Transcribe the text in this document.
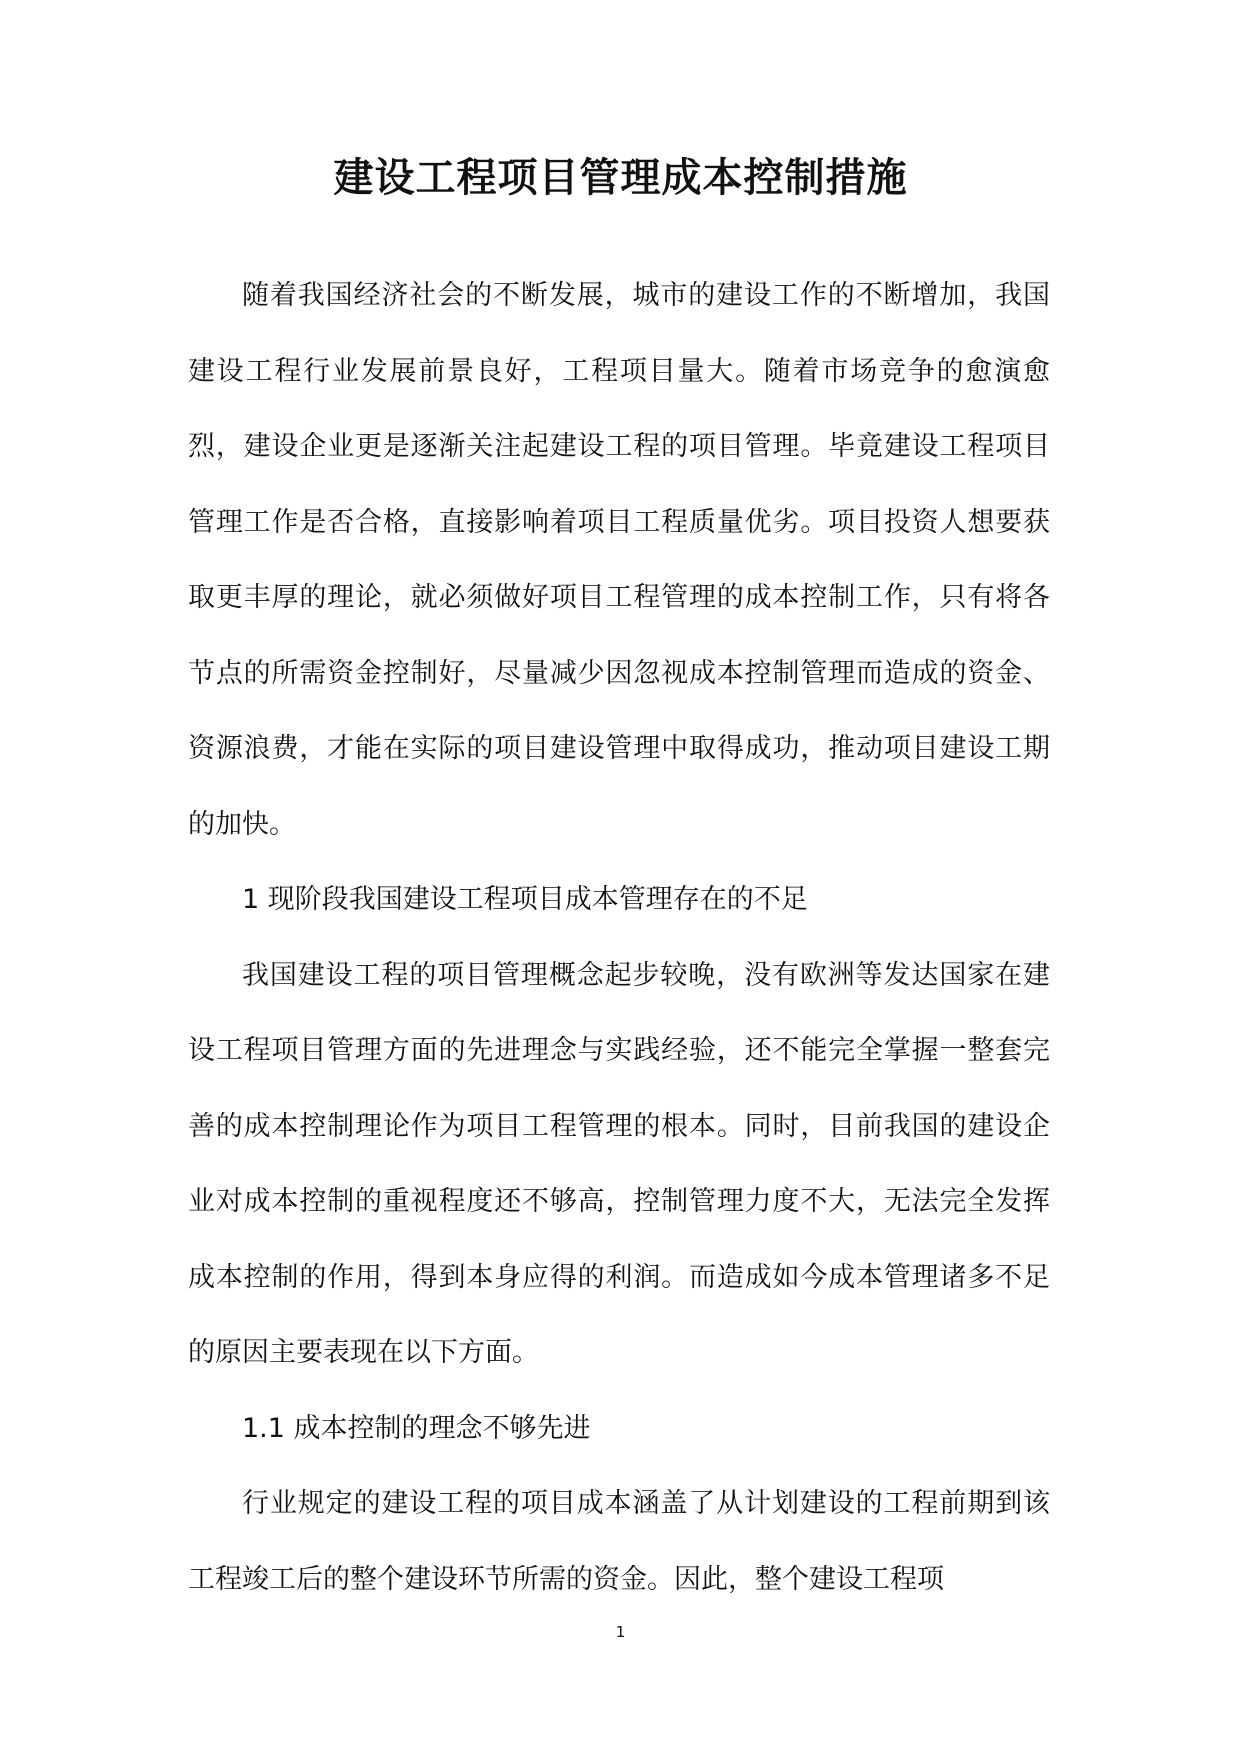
建设工程项目管理成本控制措施

随着我国经济社会的不断发展，城市的建设工作的不断增加，我国建设工程行业发展前景良好，工程项目量大。随着市场竞争的愈演愈烈，建设企业更是逐渐关注起建设工程的项目管理。毕竟建设工程项目管理工作是否合格，直接影响着项目工程质量优劣。项目投资人想要获取更丰厚的理论，就必须做好项目工程管理的成本控制工作，只有将各节点的所需资金控制好，尽量减少因忽视成本控制管理而造成的资金、资源浪费，才能在实际的项目建设管理中取得成功，推动项目建设工期的加快。

1 现阶段我国建设工程项目成本管理存在的不足

我国建设工程的项目管理概念起步较晚，没有欧洲等发达国家在建设工程项目管理方面的先进理念与实践经验，还不能完全掌握一整套完善的成本控制理论作为项目工程管理的根本。同时，目前我国的建设企业对成本控制的重视程度还不够高，控制管理力度不大，无法完全发挥成本控制的作用，得到本身应得的利润。而造成如今成本管理诸多不足的原因主要表现在以下方面。

1.1 成本控制的理念不够先进

行业规定的建设工程的项目成本涵盖了从计划建设的工程前期到该工程竣工后的整个建设环节所需的资金。因此，整个建设工程项

1
